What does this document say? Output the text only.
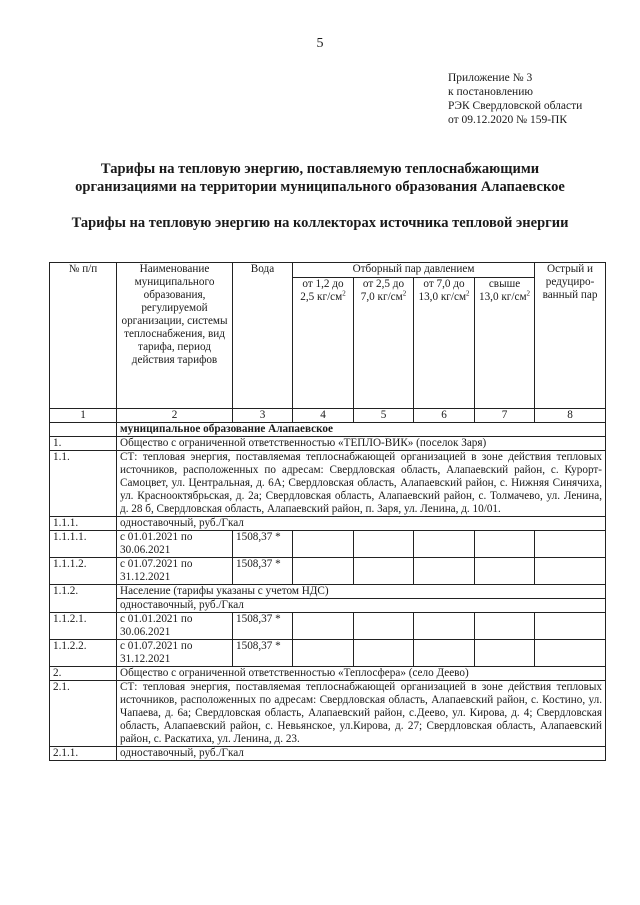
5
Приложение № 3
к постановлению
РЭК Свердловской области
от 09.12.2020 № 159-ПК
Тарифы на тепловую энергию, поставляемую теплоснабжающими
организациями на территории муниципального образования Алапаевское
Тарифы на тепловую энергию на коллекторах источника тепловой энергии
№ п/п	Наименование муниципального образования, регулируемой организации, системы теплоснабжения, вид тарифа, период действия тарифов	Вода	Отборный пар давлением				Острый и редуциро-ванный пар
			от 1,2 до 2,5 $кг/см^2$	от 2,5 до 7,0 $кг/см^2$	от 7,0 до 13,0 $кг/см^2$	свыше 13,0 $кг/см^2$
1	2	3	4	5	6	7	8
	муниципальное образование Алапаевское						
1.	Общество с ограниченной ответственностью «ТЕПЛО-ВИК» (поселок Заря)						
1.1.	СТ: тепловая энергия, поставляемая теплоснабжающей организацией в зоне действия тепловых источников, расположенных по адресам: Свердловская область, Алапаевский район, с. Курорт-Самоцвет, ул. Центральная, д. 6А; Свердловская область, Алапаевский район, с. Нижняя Синячиха, ул. Краснооктябрьская, д. 2а; Свердловская область, Алапаевский район, с. Толмачево, ул. Ленина, д. 28 б, Свердловская область, Алапаевский район, п. Заря, ул. Ленина, д. 10/01.						
1.1.1.	одноставочный, руб./Гкал						
1.1.1.1.	с 01.01.2021 по 30.06.2021	1508,37 *					
1.1.1.2.	с 01.07.2021 по 31.12.2021	1508,37 *					
1.1.2.	Население (тарифы указаны с учетом НДС)						
	одноставочный, руб./Гкал						
1.1.2.1.	с 01.01.2021 по 30.06.2021	1508,37 *					
1.1.2.2.	с 01.07.2021 по 31.12.2021	1508,37 *					
2.	Общество с ограниченной ответственностью «Теплосфера» (село Деево)						
2.1.	СТ: тепловая энергия, поставляемая теплоснабжающей организацией в зоне действия тепловых источников, расположенных по адресам: Свердловская область, Алапаевский район, с. Костино, ул. Чапаева, д. 6а; Свердловская область, Алапаевский район, с.Деево, ул. Кирова, д. 4; Свердловская область, Алапаевский район, с. Невьянское, ул.Кирова, д. 27; Свердловская область, Алапаевский район, с. Раскатиха, ул. Ленина, д. 23.						
2.1.1.	одноставочный, руб./Гкал						
